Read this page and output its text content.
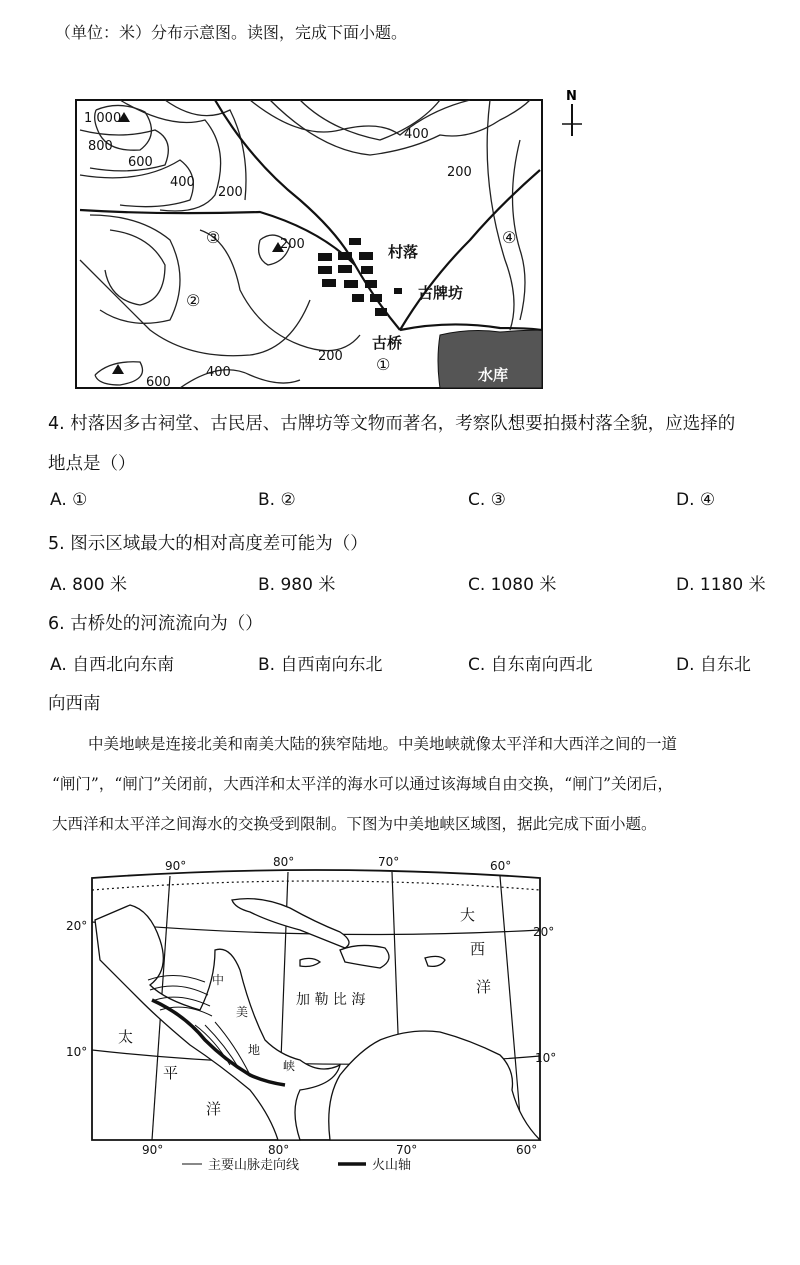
（单位：米）分布示意图。读图，完成下面小题。
N
1 000
800
600
400
200
400
200
200
200
400
600
③
②
①
④
村落
古牌坊
古桥
水库
4. 村落因多古祠堂、古民居、古牌坊等文物而著名，考察队想要拍摄村落全貌，应选择的
地点是（）
A. ①	B. ②	C. ③	D. ④
5. 图示区域最大的相对高度差可能为（）
A. 800 米	B. 980 米	C. 1080 米	D. 1180 米
6. 古桥处的河流流向为（）
A. 自西北向东南	B. 自西南向东北	C. 自东南向西北	D. 自东北
向西南
中美地峡是连接北美和南美大陆的狭窄陆地。中美地峡就像太平洋和大西洋之间的一道
“闸门”，“闸门”关闭前，大西洋和太平洋的海水可以通过该海域自由交换，“闸门”关闭后，
大西洋和太平洋之间海水的交换受到限制。下图为中美地峡区域图，据此完成下面小题。
90°	80°	70°	60°
90°	80°	70°	60°
20°
10°
20°
10°
大
西
洋
太
平
洋
中
美
地
峡
加 勒 比 海
主要山脉走向线	火山轴
